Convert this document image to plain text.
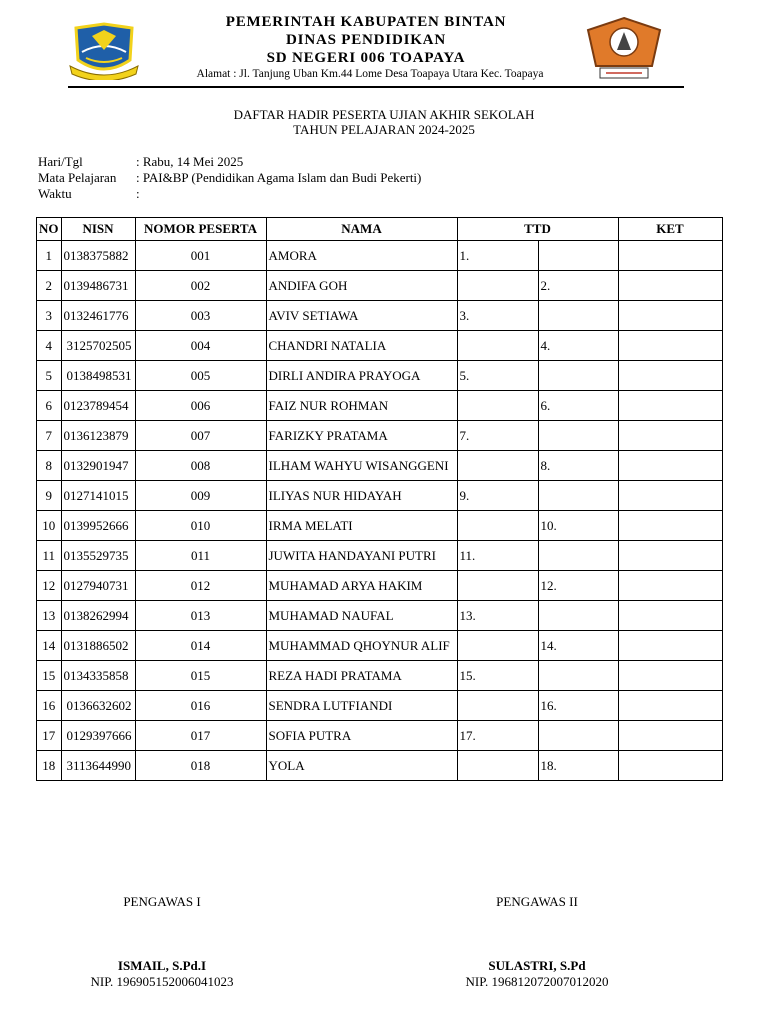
PEMERINTAH KABUPATEN BINTAN
DINAS PENDIDIKAN
SD NEGERI 006 TOAPAYA
Alamat : Jl. Tanjung Uban Km.44 Lome Desa Toapaya Utara Kec. Toapaya
DAFTAR HADIR PESERTA UJIAN AKHIR SEKOLAH
TAHUN PELAJARAN 2024-2025
Hari/Tgl	: Rabu, 14 Mei 2025
Mata Pelajaran : PAI&BP (Pendidikan Agama Islam dan Budi Pekerti)
Waktu	:
NO	NISN	NOMOR PESERTA	NAMA	TTD		KET
1	0138375882	001	AMORA	1.		
2	0139486731	002	ANDIFA GOH		2.	
3	0132461776	003	AVIV SETIAWA	3.		
4	3125702505	004	CHANDRI NATALIA		4.	
5	0138498531	005	DIRLI ANDIRA PRAYOGA	5.		
6	0123789454	006	FAIZ NUR ROHMAN		6.	
7	0136123879	007	FARIZKY PRATAMA	7.		
8	0132901947	008	ILHAM WAHYU WISANGGENI		8.	
9	0127141015	009	ILIYAS NUR HIDAYAH	9.		
10	0139952666	010	IRMA MELATI		10.	
11	0135529735	011	JUWITA HANDAYANI PUTRI	11.		
12	0127940731	012	MUHAMAD ARYA HAKIM		12.	
13	0138262994	013	MUHAMAD NAUFAL	13.		
14	0131886502	014	MUHAMMAD QHOYNUR ALIF		14.	
15	0134335858	015	REZA HADI PRATAMA	15.		
16	0136632602	016	SENDRA LUTFIANDI		16.	
17	0129397666	017	SOFIA PUTRA	17.		
18	3113644990	018	YOLA		18.	
PENGAWAS I
ISMAIL, S.Pd.I
NIP. 196905152006041023
PENGAWAS II
SULASTRI, S.Pd
NIP. 196812072007012020
